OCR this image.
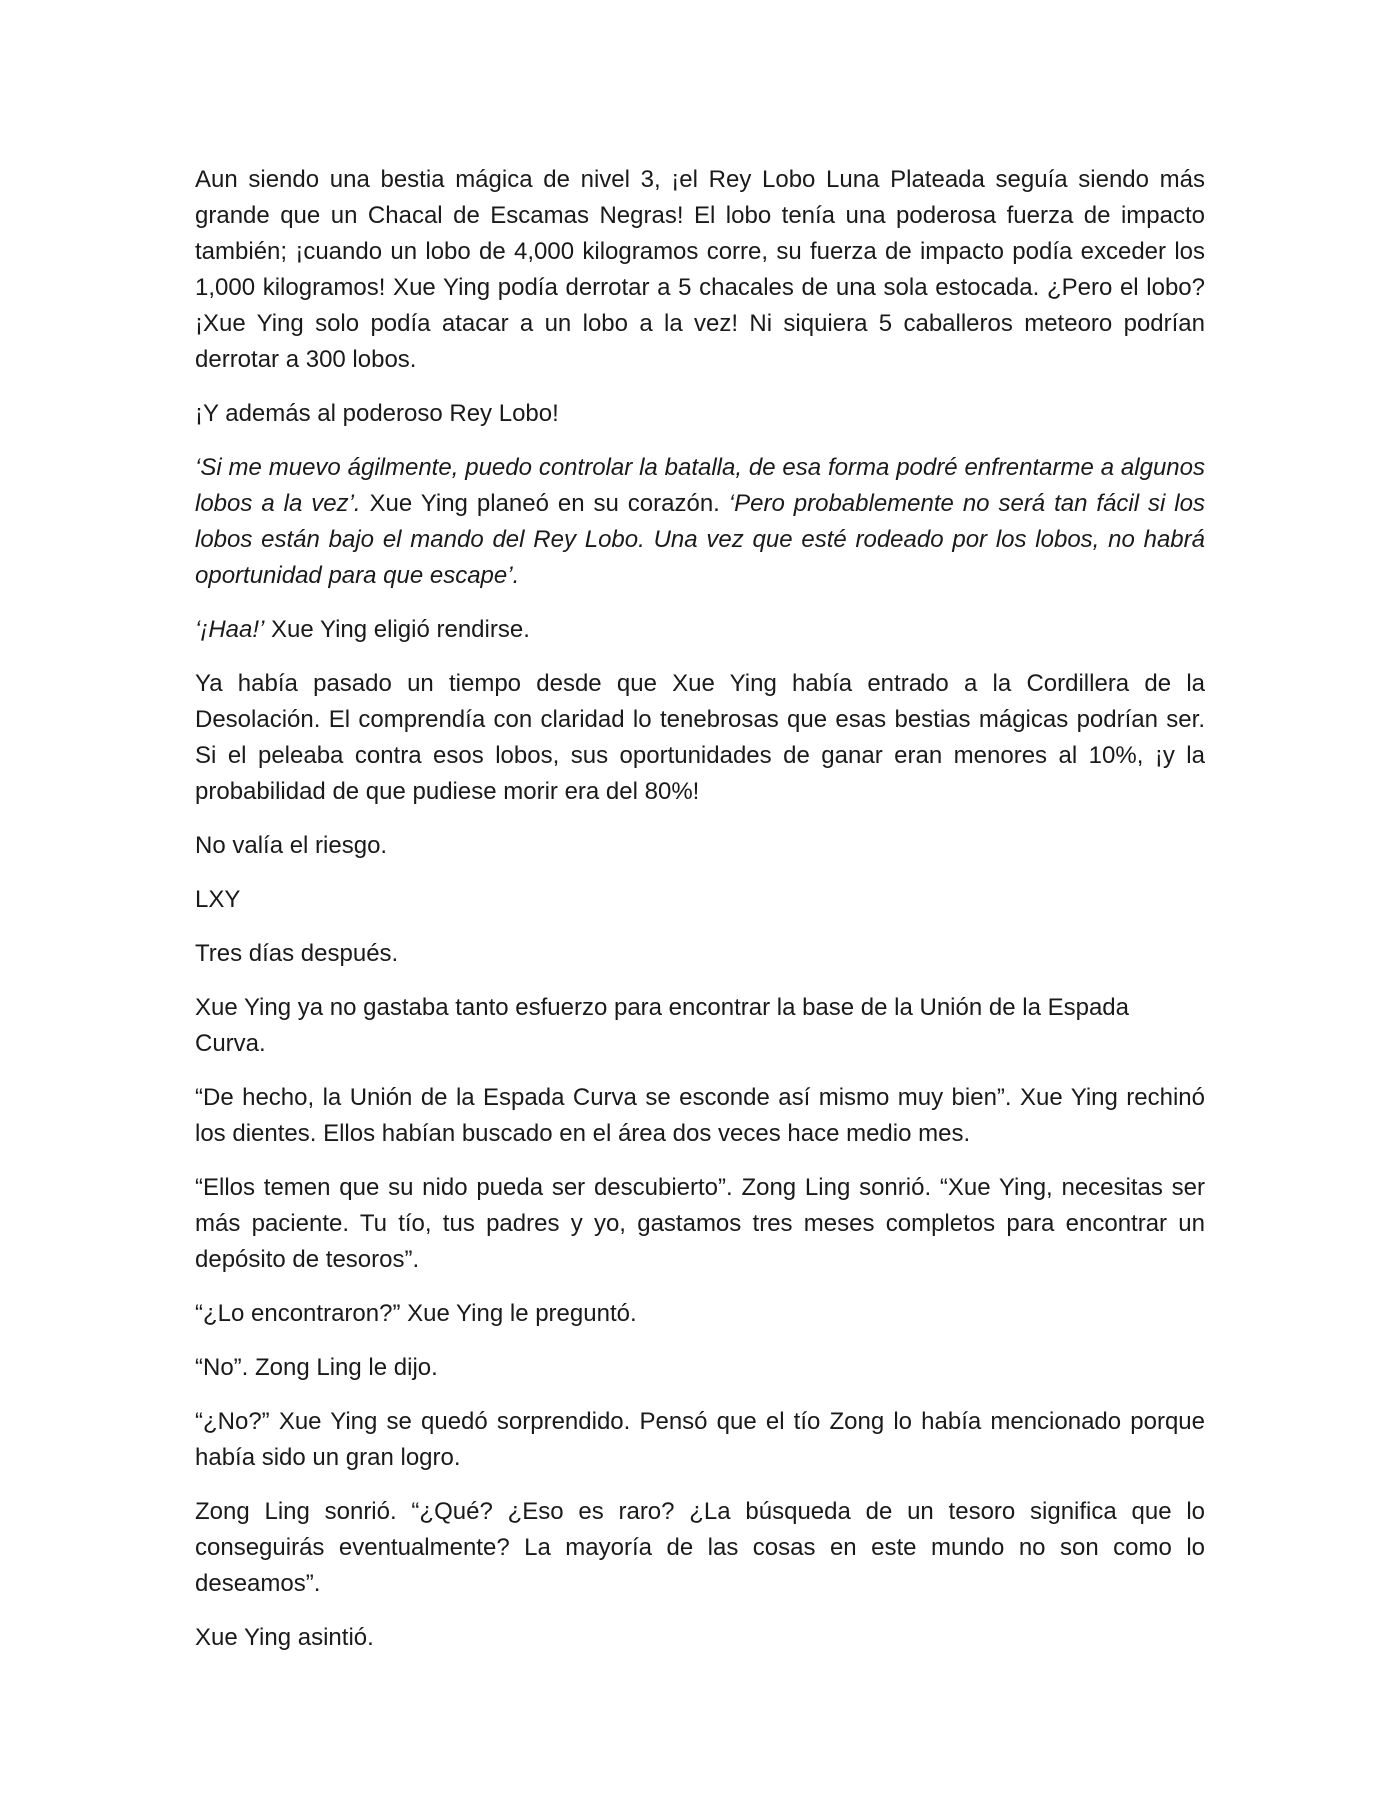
Aun siendo una bestia mágica de nivel 3, ¡el Rey Lobo Luna Plateada seguía siendo más grande que un Chacal de Escamas Negras! El lobo tenía una poderosa fuerza de impacto también; ¡cuando un lobo de 4,000 kilogramos corre, su fuerza de impacto podía exceder los 1,000 kilogramos! Xue Ying podía derrotar a 5 chacales de una sola estocada. ¿Pero el lobo? ¡Xue Ying solo podía atacar a un lobo a la vez! Ni siquiera 5 caballeros meteoro podrían derrotar a 300 lobos.

¡Y además al poderoso Rey Lobo!

‘Si me muevo ágilmente, puedo controlar la batalla, de esa forma podré enfrentarme a algunos lobos a la vez’. Xue Ying planeó en su corazón. ‘Pero probablemente no será tan fácil si los lobos están bajo el mando del Rey Lobo. Una vez que esté rodeado por los lobos, no habrá oportunidad para que escape’.

‘¡Haa!’ Xue Ying eligió rendirse.

Ya había pasado un tiempo desde que Xue Ying había entrado a la Cordillera de la Desolación. El comprendía con claridad lo tenebrosas que esas bestias mágicas podrían ser. Si el peleaba contra esos lobos, sus oportunidades de ganar eran menores al 10%, ¡y la probabilidad de que pudiese morir era del 80%!

No valía el riesgo.

LXY

Tres días después.

Xue Ying ya no gastaba tanto esfuerzo para encontrar la base de la Unión de la Espada Curva.

“De hecho, la Unión de la Espada Curva se esconde así mismo muy bien”. Xue Ying rechinó los dientes. Ellos habían buscado en el área dos veces hace medio mes.

“Ellos temen que su nido pueda ser descubierto”. Zong Ling sonrió. “Xue Ying, necesitas ser más paciente. Tu tío, tus padres y yo, gastamos tres meses completos para encontrar un depósito de tesoros”.

“¿Lo encontraron?” Xue Ying le preguntó.

“No”. Zong Ling le dijo.

“¿No?” Xue Ying se quedó sorprendido. Pensó que el tío Zong lo había mencionado porque había sido un gran logro.

Zong Ling sonrió. “¿Qué? ¿Eso es raro? ¿La búsqueda de un tesoro significa que lo conseguirás eventualmente? La mayoría de las cosas en este mundo no son como lo deseamos”.

Xue Ying asintió.
